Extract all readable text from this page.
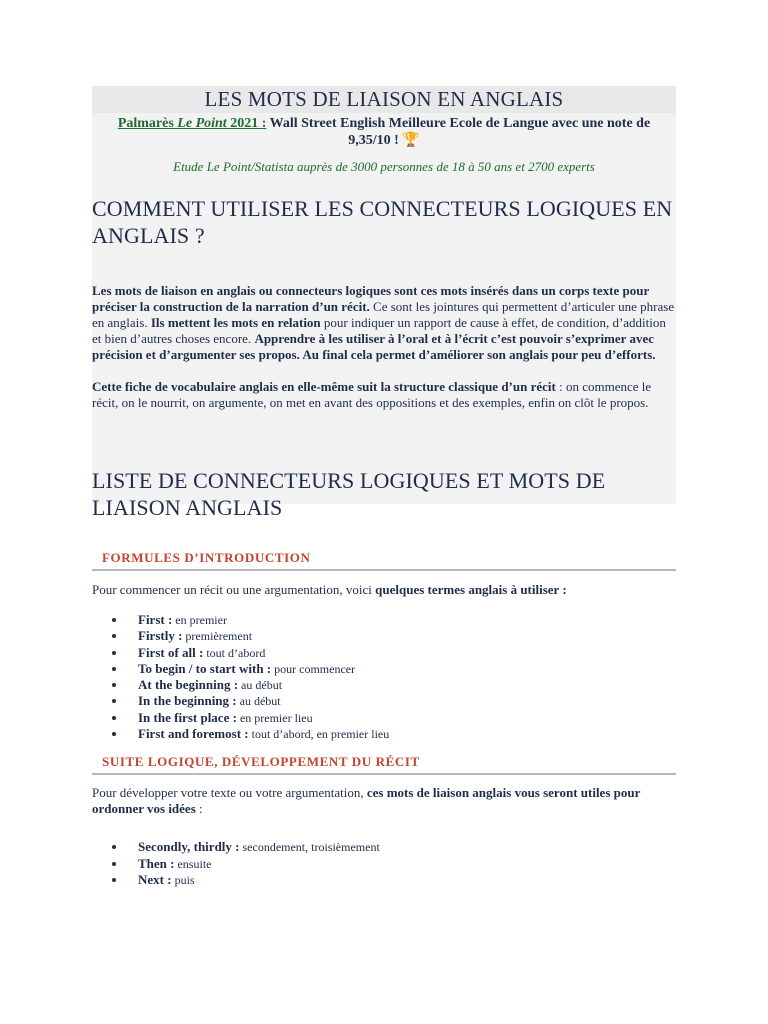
LES MOTS DE LIAISON EN ANGLAIS
Palmarès Le Point 2021 : Wall Street English Meilleure Ecole de Langue avec une note de 9,35/10 ! 🏆
Etude Le Point/Statista auprès de 3000 personnes de 18 à 50 ans et 2700 experts
COMMENT UTILISER LES CONNECTEURS LOGIQUES EN ANGLAIS ?

Les mots de liaison en anglais ou connecteurs logiques sont ces mots insérés dans un corps texte pour préciser la construction de la narration d’un récit. Ce sont les jointures qui permettent d’articuler une phrase en anglais. Ils mettent les mots en relation pour indiquer un rapport de cause à effet, de condition, d’addition et bien d’autres choses encore. Apprendre à les utiliser à l’oral et à l’écrit c’est pouvoir s’exprimer avec précision et d’argumenter ses propos. Au final cela permet d’améliorer son anglais pour peu d’efforts.

Cette fiche de vocabulaire anglais en elle-même suit la structure classique d’un récit : on commence le récit, on le nourrit, on argumente, on met en avant des oppositions et des exemples, enfin on clôt le propos.

LISTE DE CONNECTEURS LOGIQUES ET MOTS DE LIAISON ANGLAIS
FORMULES D’INTRODUCTION

Pour commencer un récit ou une argumentation, voici quelques termes anglais à utiliser :

First : en premier
Firstly : premièrement
First of all : tout d’abord
To begin / to start with : pour commencer
At the beginning : au début
In the beginning : au début
In the first place : en premier lieu
First and foremost : tout d’abord, en premier lieu
SUITE LOGIQUE, DÉVELOPPEMENT DU RÉCIT

Pour développer votre texte ou votre argumentation, ces mots de liaison anglais vous seront utiles pour ordonner vos idées :

Secondly, thirdly : secondement, troisièmement
Then : ensuite
Next : puis
